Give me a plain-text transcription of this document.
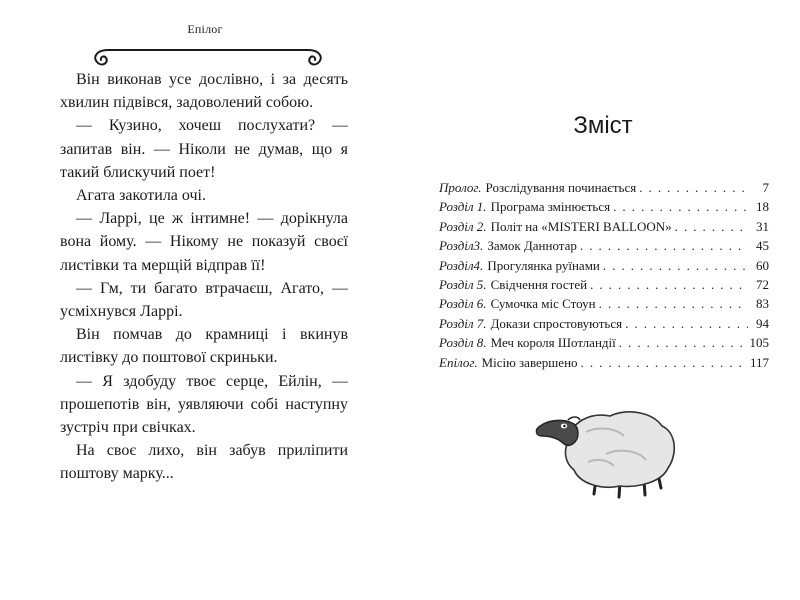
Епілог

Він виконав усе дослівно, і за десять хвилин підвівся, задоволений собою.

— Кузино, хочеш послухати? — запитав він. — Ніколи не думав, що я такий блискучий поет!

Агата закотила очі.

— Ларрі, це ж інтимне! — дорікнула вона йому. — Нікому не показуй своєї листівки та мерщій відправ її!

— Гм, ти багато втрачаєш, Агато, — усміхнувся Ларрі.

Він помчав до крамниці і вкинув листівку до поштової скриньки.

— Я здобуду твоє серце, Ейлін, — прошепотів він, уявляючи собі наступну зустріч при свічках.

На своє лихо, він забув приліпити поштову марку...

Зміст
Пролог. Розслідування починається . . .	7
Розділ 1. Програма змінюється . . .	18
Розділ 2. Політ на «MISTERI BALLOON» . . .	31
Розділ3. Замок Даннотар . . .	45
Розділ4. Прогулянка руїнами . . .	60
Розділ 5. Свідчення гостей . . .	72
Розділ 6. Сумочка міс Стоун . . .	83
Розділ 7. Докази спростовуються . . .	94
Розділ 8. Меч короля Шотландії . . .	105
Епілог. Місію завершено . . .	117
